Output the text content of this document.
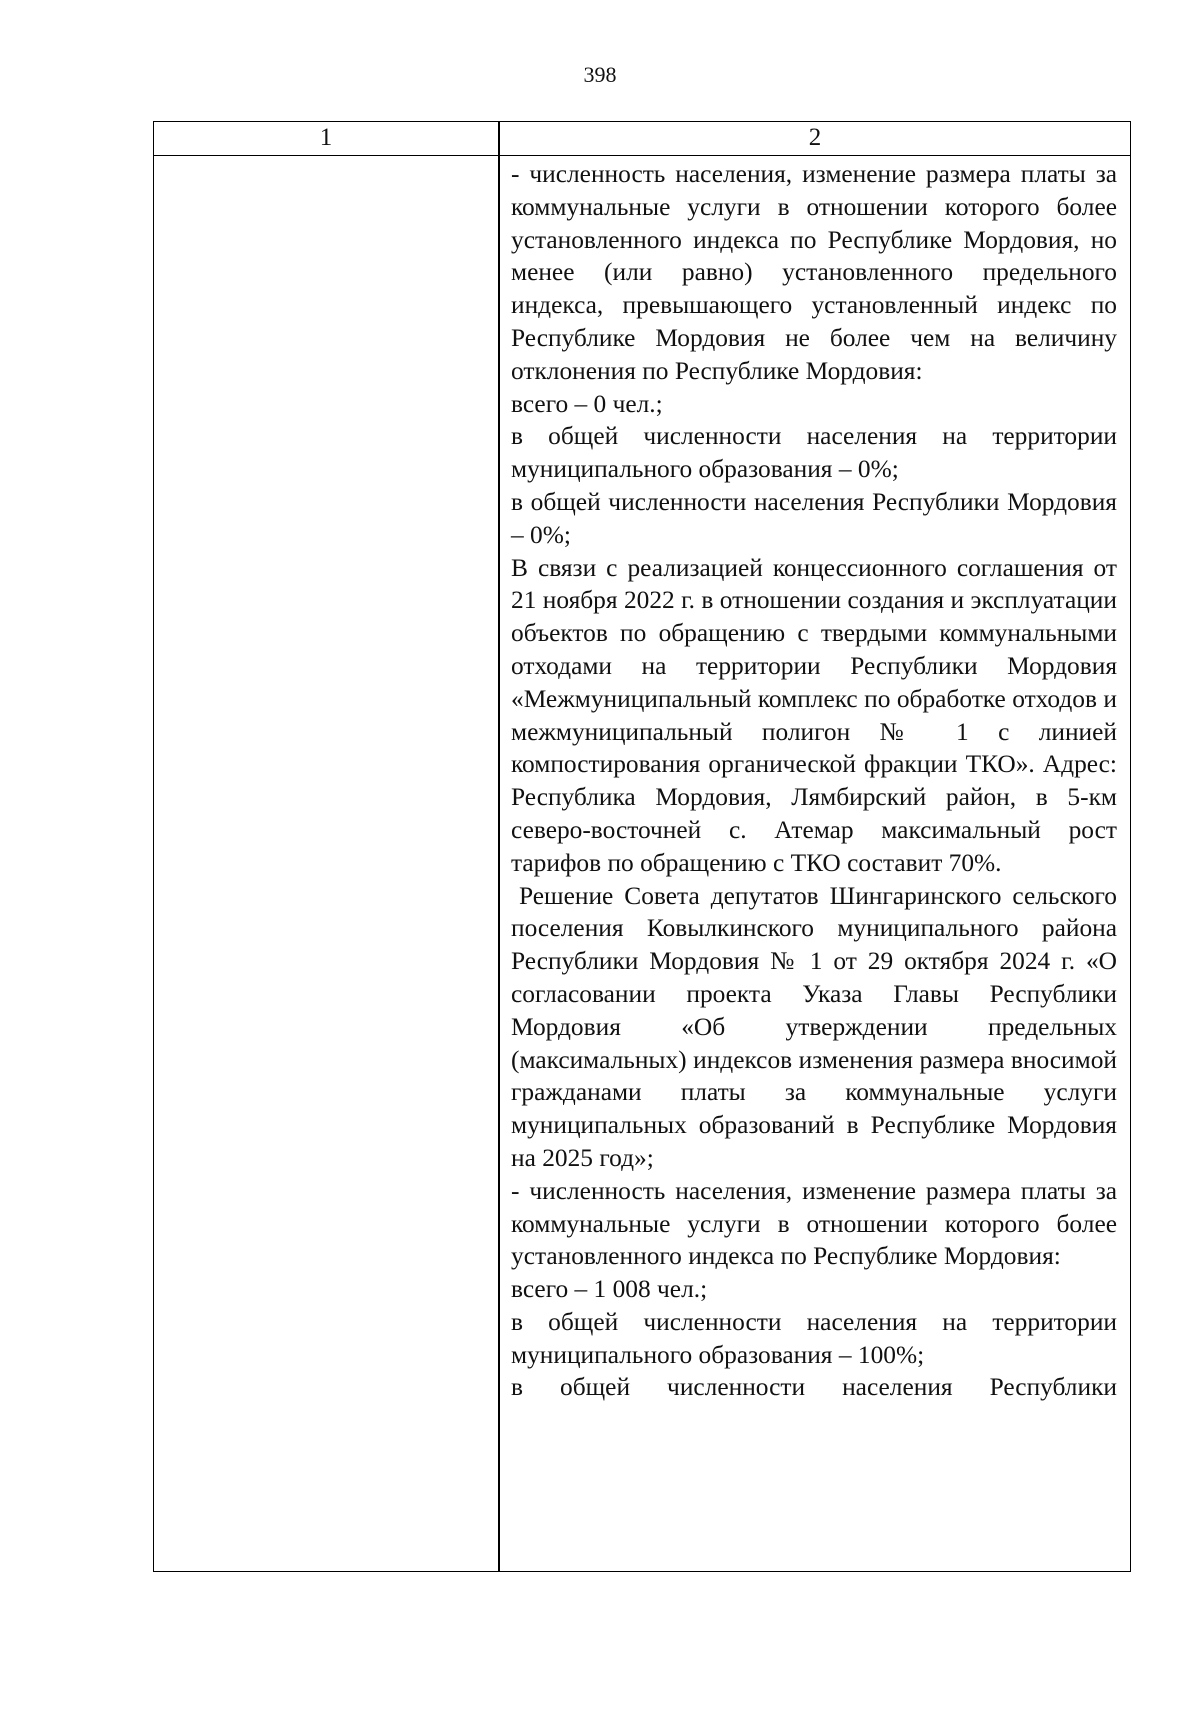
398
1	2
- численность населения, изменение размера платы за коммунальные услуги в отношении которого более установленного индекса по Республике Мордовия, но менее (или равно) установленного предельного индекса, превышающего установленный индекс по Республике Мордовия не более чем на величину отклонения по Республике Мордовия:
всего – 0 чел.;
в общей численности населения на территории муниципального образования – 0%;
в общей численности населения Республики Мордовия – 0%;
В связи с реализацией концессионного соглашения от 21 ноября 2022 г. в отношении создания и эксплуатации объектов по обращению с твердыми коммунальными отходами на территории Республики Мордовия «Межмуниципальный комплекс по обработке отходов и межмуниципальный полигон № 1 с линией компостирования органической фракции ТКО». Адрес: Республика Мордовия, Лямбирский район, в 5-км северо-восточней с. Атемар максимальный рост тарифов по обращению с ТКО составит 70%.
Решение Совета депутатов Шингаринского сельского поселения Ковылкинского муниципального района Республики Мордовия № 1 от 29 октября 2024 г. «О согласовании проекта Указа Главы Республики Мордовия «Об утверждении предельных (максимальных) индексов изменения размера вносимой гражданами платы за коммунальные услуги муниципальных образований в Республике Мордовия на 2025 год»;
- численность населения, изменение размера платы за коммунальные услуги в отношении которого более установленного индекса по Республике Мордовия:
всего – 1 008 чел.;
в общей численности населения на территории муниципального образования – 100%;
в общей численности населения Республики
